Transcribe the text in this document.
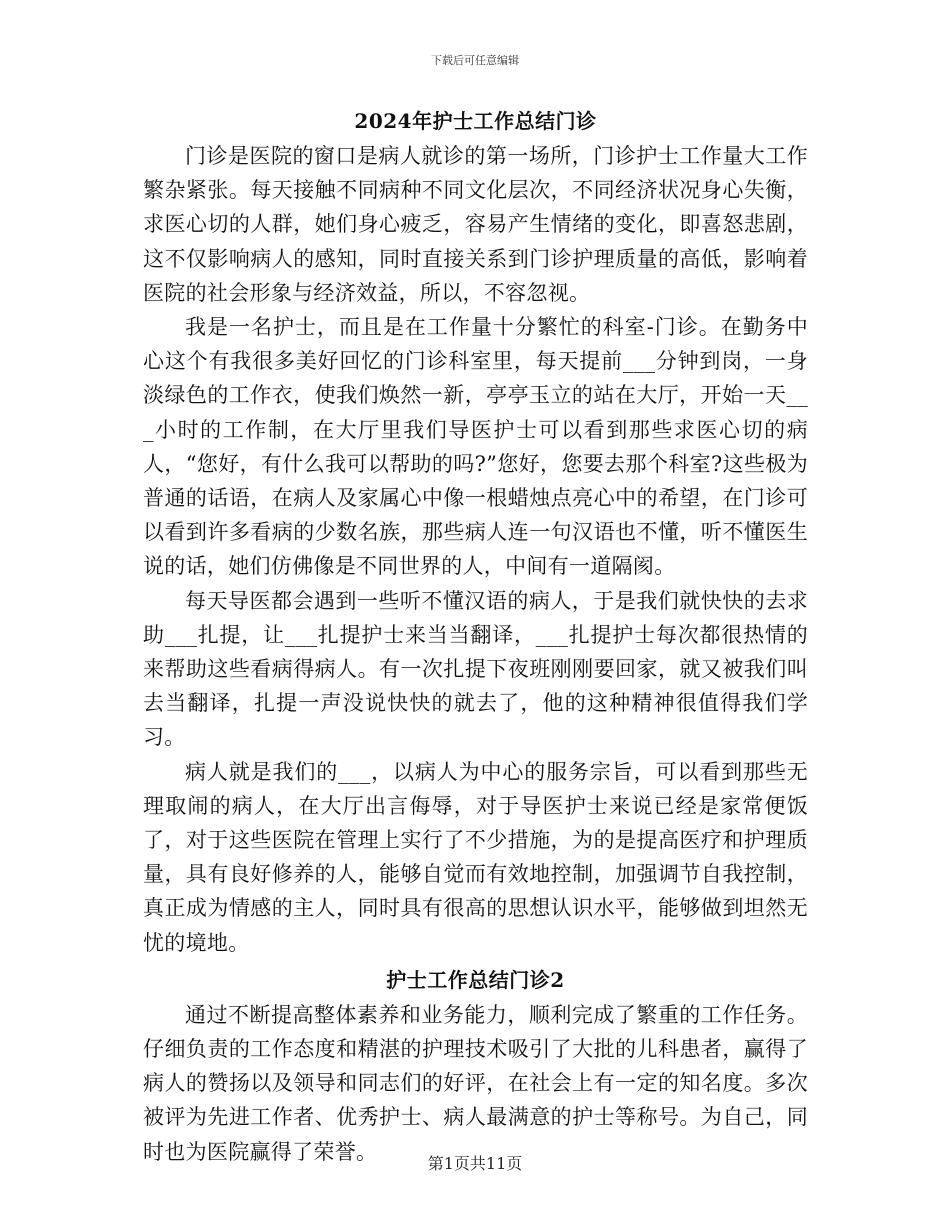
下载后可任意编辑
2024年护士工作总结门诊

门诊是医院的窗口是病人就诊的第一场所，门诊护士工作量大工作繁杂紧张。每天接触不同病种不同文化层次，不同经济状况身心失衡，求医心切的人群，她们身心疲乏，容易产生情绪的变化，即喜怒悲剧，这不仅影响病人的感知，同时直接关系到门诊护理质量的高低，影响着医院的社会形象与经济效益，所以，不容忽视。

我是一名护士，而且是在工作量十分繁忙的科室-门诊。在勤务中心这个有我很多美好回忆的门诊科室里，每天提前___分钟到岗，一身淡绿色的工作衣，使我们焕然一新，亭亭玉立的站在大厅，开始一天___小时的工作制，在大厅里我们导医护士可以看到那些求医心切的病人，“您好，有什么我可以帮助的吗?”您好，您要去那个科室?这些极为普通的话语，在病人及家属心中像一根蜡烛点亮心中的希望，在门诊可以看到许多看病的少数名族，那些病人连一句汉语也不懂，听不懂医生说的话，她们仿佛像是不同世界的人，中间有一道隔阂。

每天导医都会遇到一些听不懂汉语的病人，于是我们就快快的去求助___扎提，让___扎提护士来当当翻译，___扎提护士每次都很热情的来帮助这些看病得病人。有一次扎提下夜班刚刚要回家，就又被我们叫去当翻译，扎提一声没说快快的就去了，他的这种精神很值得我们学习。

病人就是我们的___，以病人为中心的服务宗旨，可以看到那些无理取闹的病人，在大厅出言侮辱，对于导医护士来说已经是家常便饭了，对于这些医院在管理上实行了不少措施，为的是提高医疗和护理质量，具有良好修养的人，能够自觉而有效地控制，加强调节自我控制，真正成为情感的主人，同时具有很高的思想认识水平，能够做到坦然无忧的境地。

护士工作总结门诊2

通过不断提高整体素养和业务能力，顺利完成了繁重的工作任务。仔细负责的工作态度和精湛的护理技术吸引了大批的儿科患者，赢得了病人的赞扬以及领导和同志们的好评，在社会上有一定的知名度。多次被评为先进工作者、优秀护士、病人最满意的护士等称号。为自己，同时也为医院赢得了荣誉。	第1页共11页
